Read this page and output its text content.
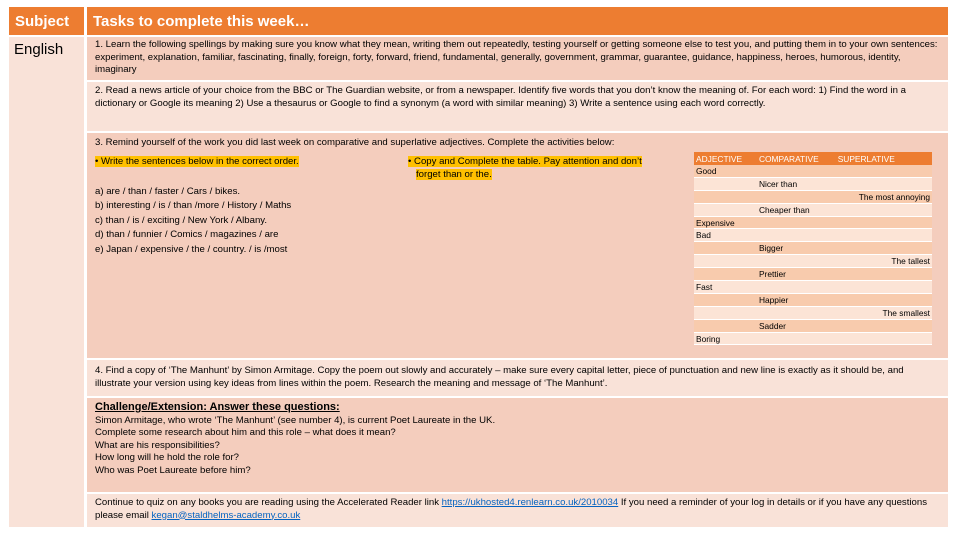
Subject Tasks to complete this week…
English	1. Learn the following spellings by making sure you know what they mean, writing them out repeatedly, testing yourself or getting someone else to test you, and putting them in to your own sentences: experiment, explanation, familiar, fascinating, finally, foreign, forty, forward, friend, fundamental, generally, government, grammar, guarantee, guidance, happiness, heroes, humorous, identity, imaginary
2. Read a news article of your choice from the BBC or The Guardian website, or from a newspaper. Identify five words that you don’t know the meaning of. For each word: 1) Find the word in a dictionary or Google its meaning 2) Use a thesaurus or Google to find a synonym (a word with similar meaning) 3) Write a sentence using each word correctly.
3. Remind yourself of the work you did last week on comparative and superlative adjectives. Complete the activities below:
• Write the sentences below in the correct order.	• Copy and Complete the table. Pay attention and don’t
forget than or the.
a) are / than / faster / Cars / bikes.
b) interesting / is / than /more / History / Maths
c) than / is / exciting / New York / Albany.
d) than / funnier / Comics / magazines / are
e) Japan / expensive / the / country. / is /most
ADJECTIVE	COMPARATIVE	SUPERLATIVE
Good		
	Nicer than	
		The most annoying
	Cheaper than	
Expensive		
Bad		
	Bigger	
		The tallest
	Prettier	
Fast		
	Happier	
		The smallest
	Sadder	
Boring		
4. Find a copy of ‘The Manhunt’ by Simon Armitage. Copy the poem out slowly and accurately – make sure every capital letter, piece of punctuation and new line is exactly as it should be, and illustrate your version using key ideas from lines within the poem. Research the meaning and message of ‘The Manhunt’.
Challenge/Extension: Answer these questions:
Simon Armitage, who wrote ‘The Manhunt’ (see number 4), is current Poet Laureate in the UK.
Complete some research about him and this role – what does it mean?
What are his responsibilities?
How long will he hold the role for?
Who was Poet Laureate before him?
Continue to quiz on any books you are reading using the Accelerated Reader link https://ukhosted4.renlearn.co.uk/2010034 If you need a reminder of your log in details or if you have any questions please email kegan@staldhelms-academy.co.uk
